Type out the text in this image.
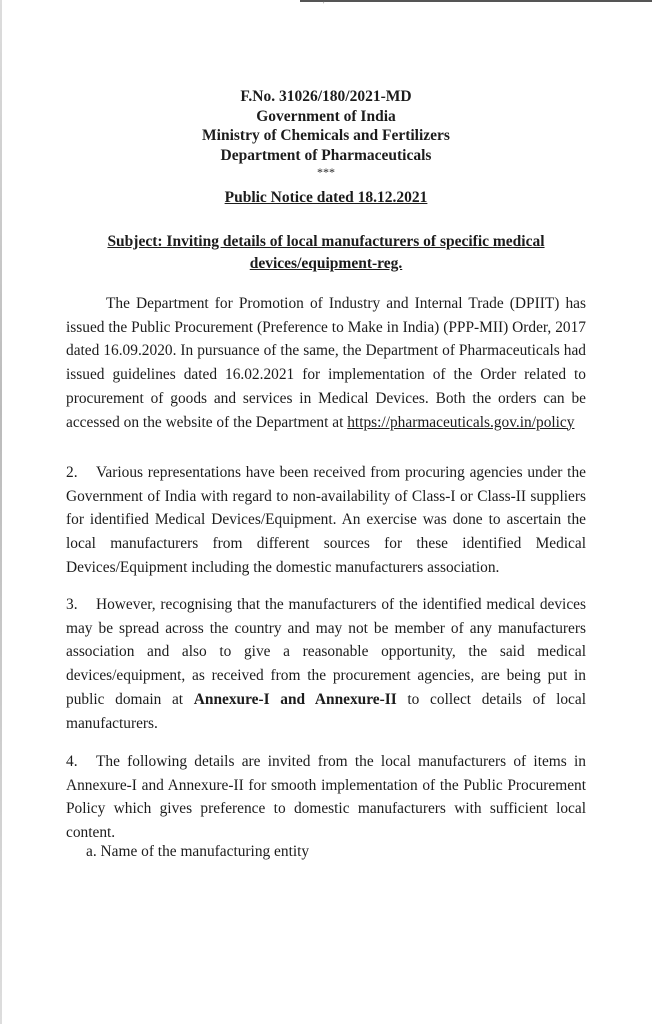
′
F.No. 31026/180/2021-MD
Government of India
Ministry of Chemicals and Fertilizers
Department of Pharmaceuticals
***
Public Notice dated 18.12.2021
Subject: Inviting details of local manufacturers of specific medical
devices/equipment-reg.

The Department for Promotion of Industry and Internal Trade (DPIIT) has issued the Public Procurement (Preference to Make in India) (PPP-MII) Order, 2017 dated 16.09.2020. In pursuance of the same, the Department of Pharmaceuticals had issued guidelines dated 16.02.2021 for implementation of the Order related to procurement of goods and services in Medical Devices. Both the orders can be accessed on the website of the Department at https://pharmaceuticals.gov.in/policy

2. Various representations have been received from procuring agencies under the Government of India with regard to non-availability of Class-I or Class-II suppliers for identified Medical Devices/Equipment. An exercise was done to ascertain the local manufacturers from different sources for these identified Medical Devices/Equipment including the domestic manufacturers association.

3. However, recognising that the manufacturers of the identified medical devices may be spread across the country and may not be member of any manufacturers association and also to give a reasonable opportunity, the said medical devices/equipment, as received from the procurement agencies, are being put in public domain at Annexure-I and Annexure-II to collect details of local manufacturers.

4. The following details are invited from the local manufacturers of items in Annexure-I and Annexure-II for smooth implementation of the Public Procurement Policy which gives preference to domestic manufacturers with sufficient local content.

a. Name of the manufacturing entity
